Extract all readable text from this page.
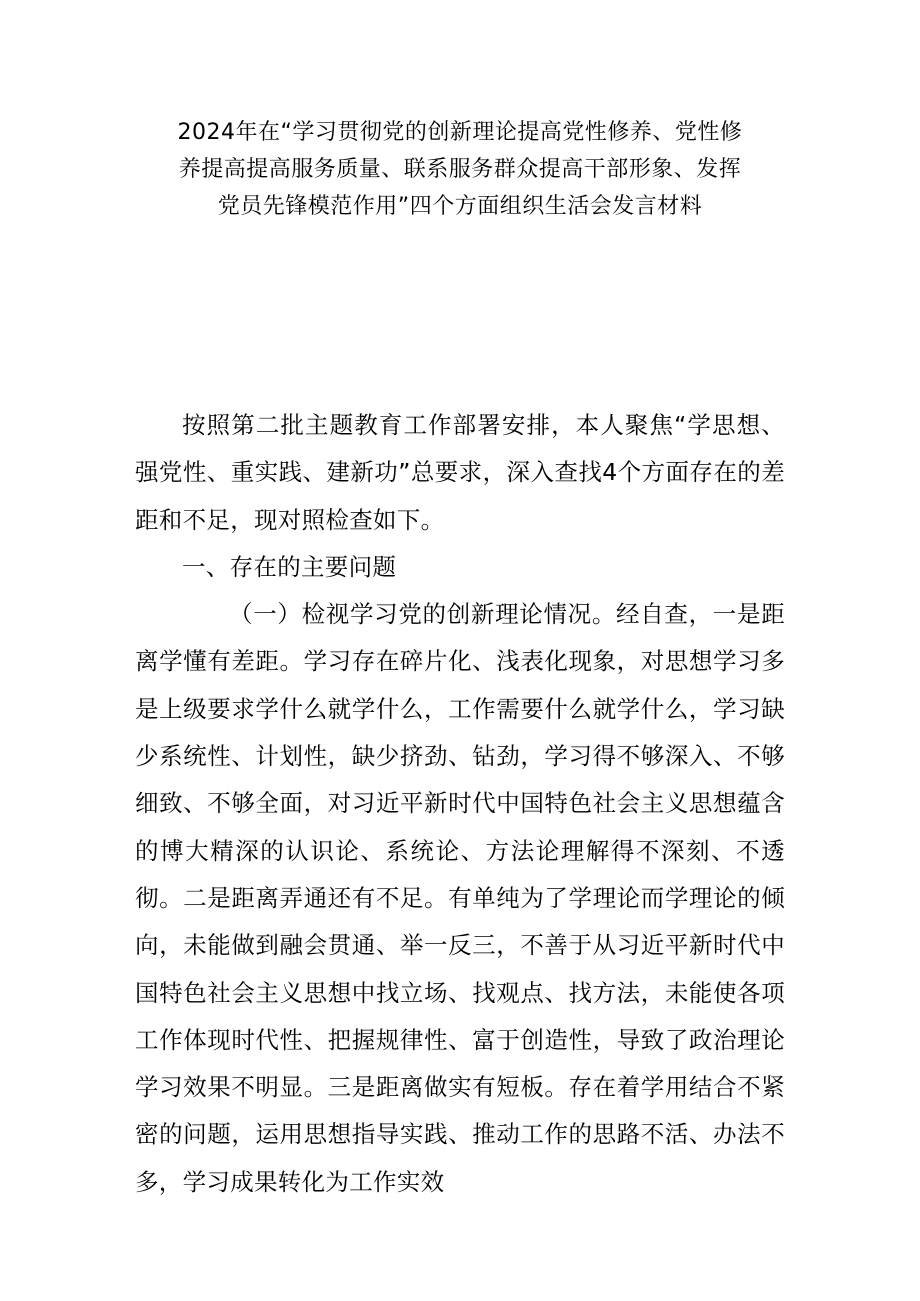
2024年在“学习贯彻党的创新理论提高党性修养、党性修
养提高提高服务质量、联系服务群众提高干部形象、发挥
党员先锋模范作用”四个方面组织生活会发言材料

按照第二批主题教育工作部署安排，本人聚焦“学思想、强党性、重实践、建新功”总要求，深入查找4个方面存在的差距和不足，现对照检查如下。

一、存在的主要问题

（一）检视学习党的创新理论情况。经自查，一是距离学懂有差距。学习存在碎片化、浅表化现象，对思想学习多是上级要求学什么就学什么，工作需要什么就学什么，学习缺少系统性、计划性，缺少挤劲、钻劲，学习得不够深入、不够细致、不够全面，对习近平新时代中国特色社会主义思想蕴含的博大精深的认识论、系统论、方法论理解得不深刻、不透彻。二是距离弄通还有不足。有单纯为了学理论而学理论的倾向，未能做到融会贯通、举一反三，不善于从习近平新时代中国特色社会主义思想中找立场、找观点、找方法，未能使各项工作体现时代性、把握规律性、富于创造性，导致了政治理论学习效果不明显。三是距离做实有短板。存在着学用结合不紧密的问题，运用思想指导实践、推动工作的思路不活、办法不多，学习成果转化为工作实效
